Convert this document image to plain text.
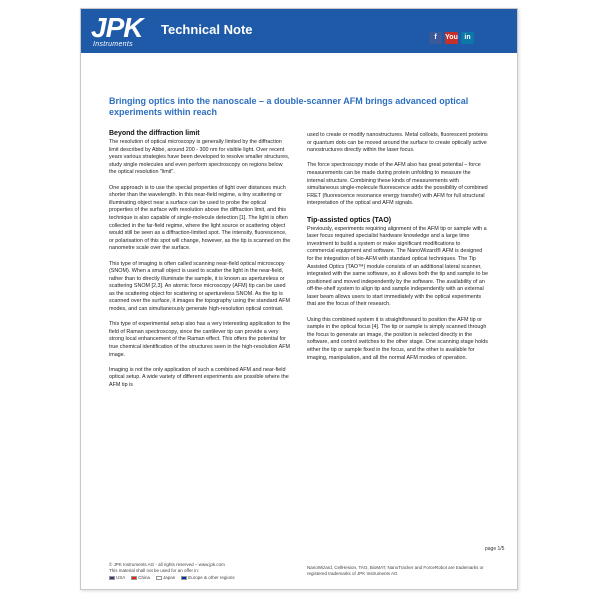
JPK
Instruments
Technical Note
f	You in
Bringing optics into the nanoscale – a double-scanner AFM brings advanced optical experiments within reach
Beyond the diffraction limit

The resolution of optical microscopy is generally limited by the diffraction limit described by Abbé, around 200 - 300 nm for visible light. Over recent years various strategies have been developed to resolve smaller structures, study single molecules and even perform spectroscopy on regions below the optical resolution "limit".

One approach is to use the special properties of light over distances much shorter than the wavelength. In this near-field regime, a tiny scattering or illuminating object near a surface can be used to probe the optical properties of the surface with resolution above the diffraction limit, and this technique is also capable of single-molecule detection [1]. The light is often collected in the far-field regime, where the light source or scattering object would still be seen as a diffraction-limited spot. The intensity, fluorescence, or polarisation of this spot will change, however, as the tip is scanned on the nanometre scale over the surface.

This type of imaging is often called scanning near-field optical microscopy (SNOM). When a small object is used to scatter the light in the near-field, rather than to directly illuminate the sample, it is known as apertureless or scattering SNOM [2,3]. An atomic force microscopy (AFM) tip can be used as the scattering object for scattering or apertureless SNOM. As the tip is scanned over the surface, it images the topography using the standard AFM modes, and can simultaneously generate high-resolution optical contrast.

This type of experimental setup also has a very interesting application to the field of Raman spectroscopy, since the cantilever tip can provide a very strong local enhancement of the Raman effect. This offers the potential for true chemical identification of the structures seen in the high-resolution AFM image.

Imaging is not the only application of such a combined AFM and near-field optical setup. A wide variety of different experiments are possible where the AFM tip is

used to create or modify nanostructures. Metal colloids, fluorescent proteins or quantum dots can be moved around the surface to create optically active nanostructures directly within the laser focus.

The force spectroscopy mode of the AFM also has great potential – force measurements can be made during protein unfolding to measure the internal structure. Combining these kinds of measurements with simultaneous single-molecule fluorescence adds the possibility of combined FRET (fluorescence resonance energy transfer) with AFM for full structural interpretation of the optical and AFM signals.

Tip-assisted optics (TAO)

Previously, experiments requiring alignment of the AFM tip or sample with a laser focus required specialist hardware knowledge and a large time investment to build a system or make significant modifications to commercial equipment and software. The NanoWizard® AFM is designed for the integration of bio-AFM with standard optical techniques. The Tip Assisted Optics (TAO™) module consists of an additional lateral scanner, integrated with the same software, so it allows both the tip and sample to be positioned and moved independently by the software. The availability of an off-the-shelf system to align tip and sample independently with an external laser beam allows users to start immediately with the optical experiments that are the focus of their research.

Using this combined system it is straightforward to position the AFM tip or sample in the optical focus [4]. The tip or sample is simply scanned through the focus to generate an image, the position is selected directly in the software, and control switches to the other stage. One scanning stage holds either the tip or sample fixed in the focus, and the other is available for imaging, manipulation, and all the normal AFM modes of operation.

page 1/5
© JPK Instruments AG - all rights reserved – www.jpk.com
This material shall not be used for an offer in:
USA	China	Japan	Europe & other regions
NanoWizard, CellHesion, TAO, BioMAT, NanoTracker and ForceRobot are trademarks or registered trademarks of JPK Instruments AG
